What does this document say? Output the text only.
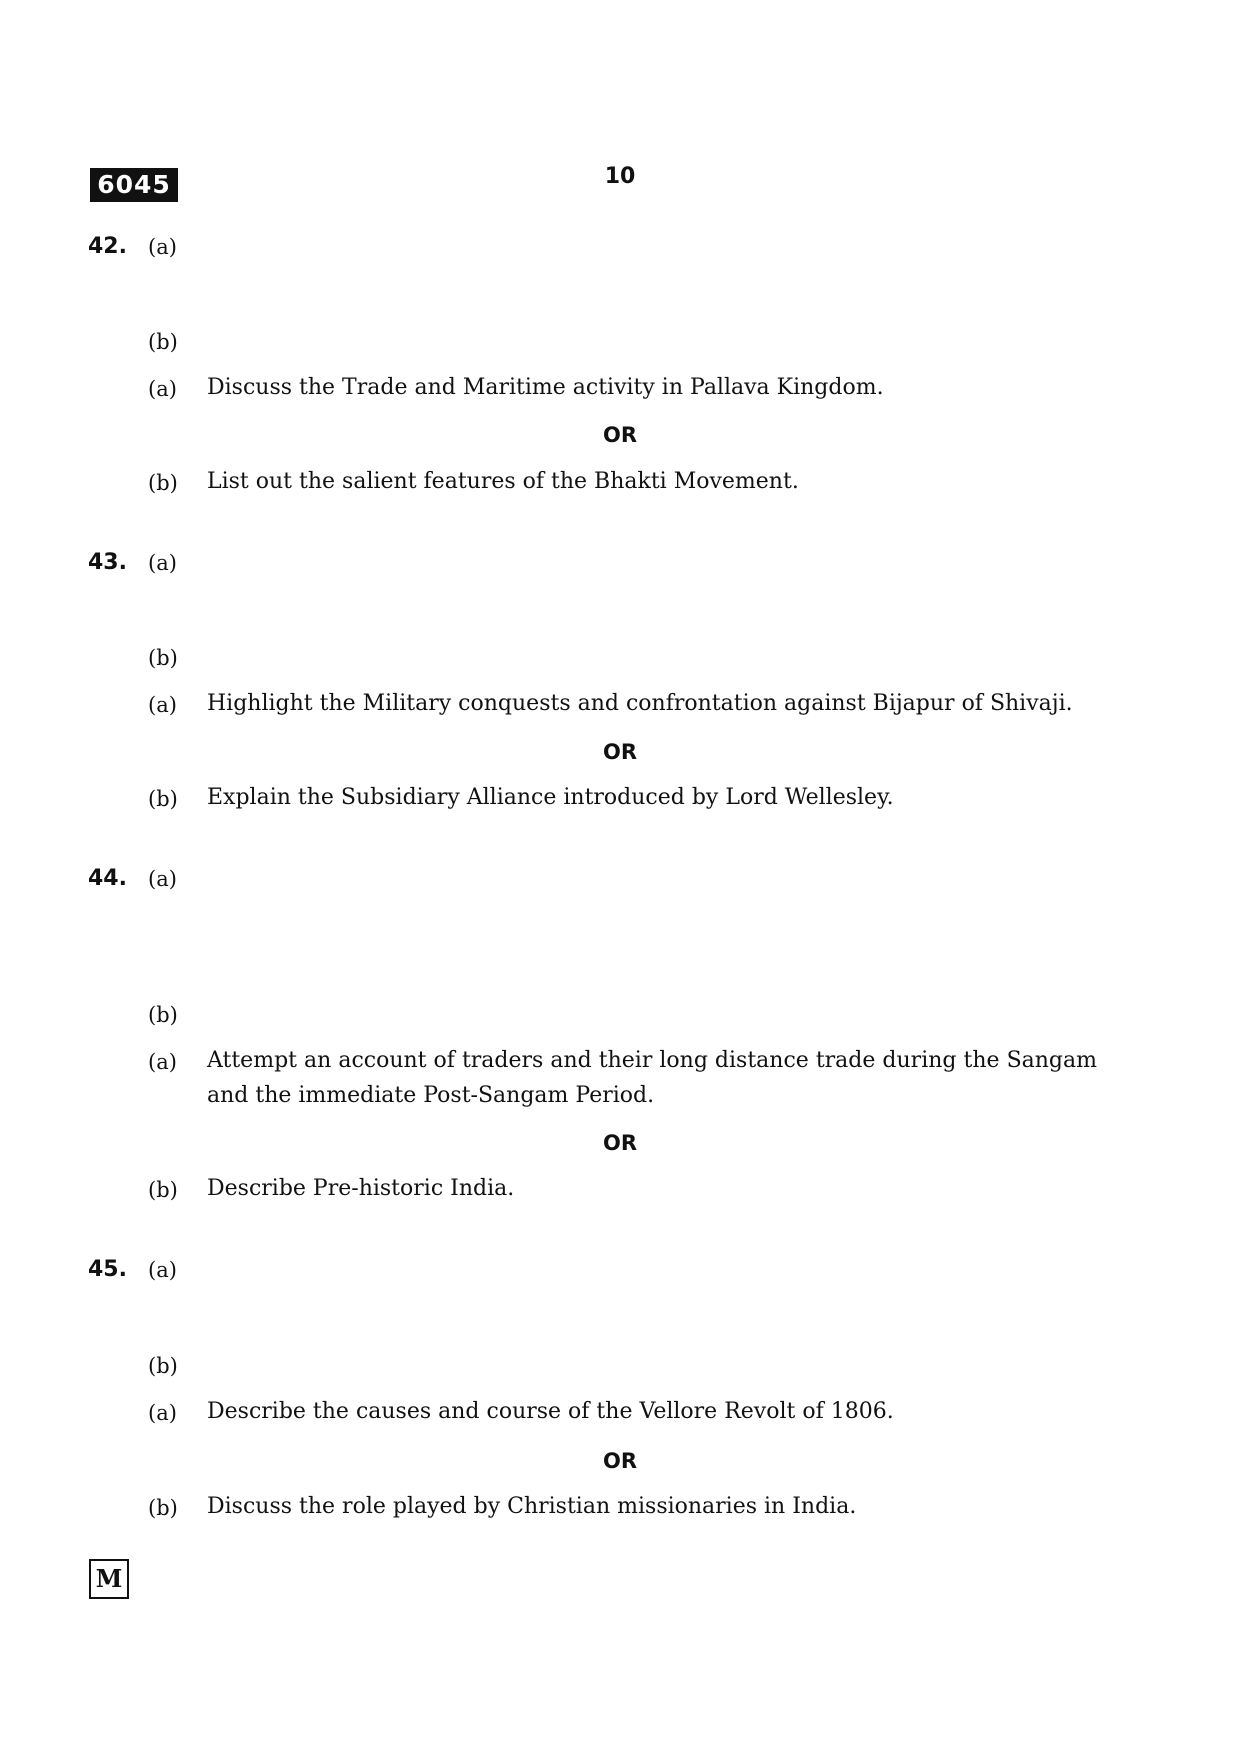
6045	10
42. (a)
(b)
(a) Discuss the Trade and Maritime activity in Pallava Kingdom.
OR
(b) List out the salient features of the Bhakti Movement.
43. (a)
(b)
(a) Highlight the Military conquests and confrontation against Bijapur of Shivaji.
OR
(b) Explain the Subsidiary Alliance introduced by Lord Wellesley.
44. (a)
(b)
(a) Attempt an account of traders and their long distance trade during the Sangam and the immediate Post-Sangam Period.
OR
(b) Describe Pre-historic India.
45. (a)
(b)
(a) Describe the causes and course of the Vellore Revolt of 1806.
OR
(b) Discuss the role played by Christian missionaries in India.
M
